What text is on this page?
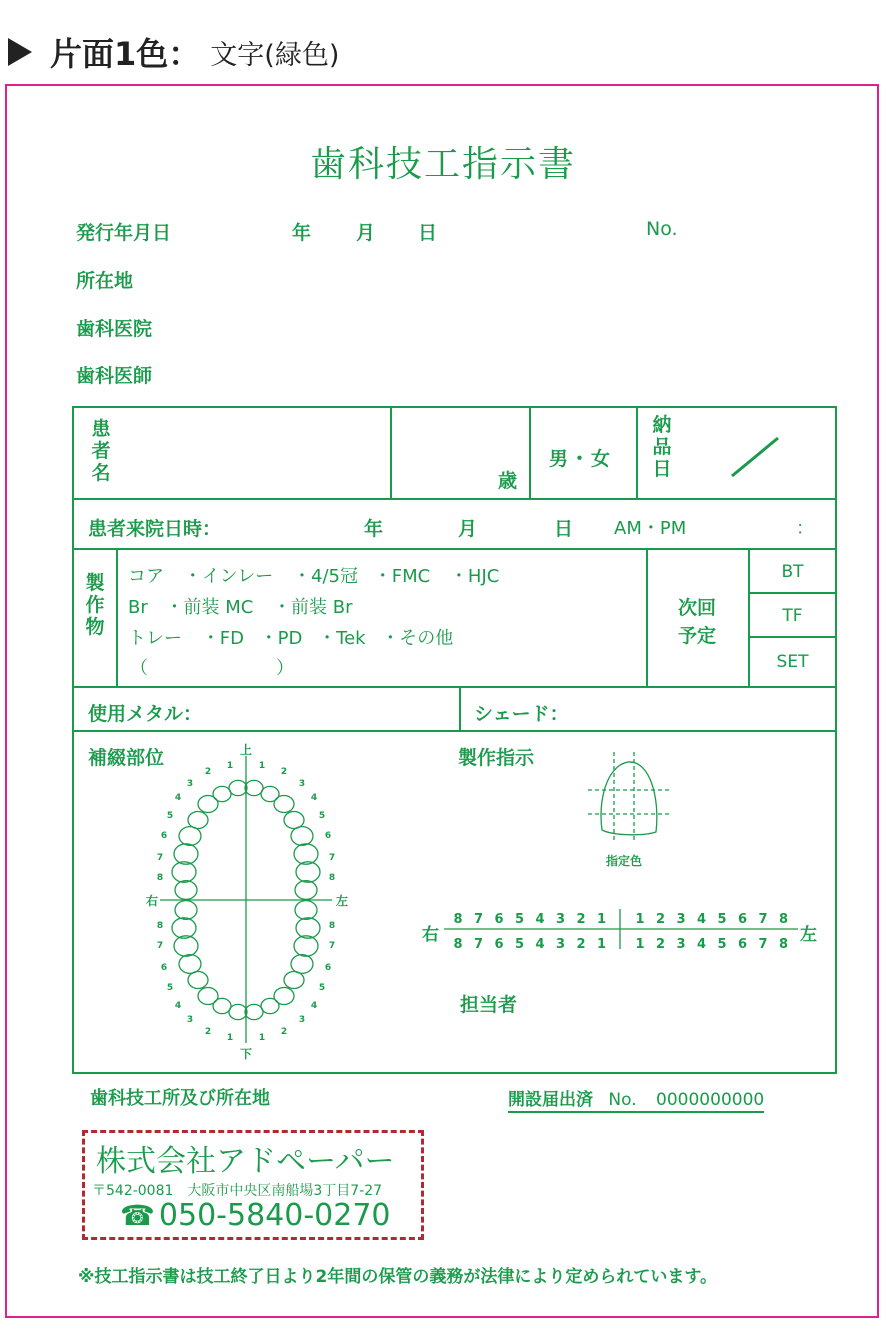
片面1色： 文字(緑色)
歯科技工指示書
発行年月日	年 月 日	No.
所在地
歯科医院
歯科医師
患
者
名	歳
男・女
納
品
日
患者来院日時：	年	月	日 AM・PM	：
製
作
物
コア ・インレー ・4/5冠 ・FMC ・HJC
Br ・前装 MC ・前装 Br
トレー ・FD ・PD ・Tek ・その他
（	）
次回
予定
BT
TF
SET
使用メタル：	シェード：
補綴部位	製作指示
担当者
上
下
右	左
1	1
1	1
2	2
2	2
3	3
3	3
4	4
4	4
5	5
5	5
6	6
6	6
7	7
7	7
8	8
8	8
指定色
右	左
8 7 6 5 4 3 2 1 1 2 3 4 5 6 7 8
8 7 6 5 4 3 2 1 1 2 3 4 5 6 7 8
歯科技工所及び所在地	開設届出済 No. 0000000000
株式会社アドペーパー
〒542-0081　大阪市中央区南船場3丁目7-27
☎ 050-5840-0270
※技工指示書は技工終了日より2年間の保管の義務が法律により定められています。
